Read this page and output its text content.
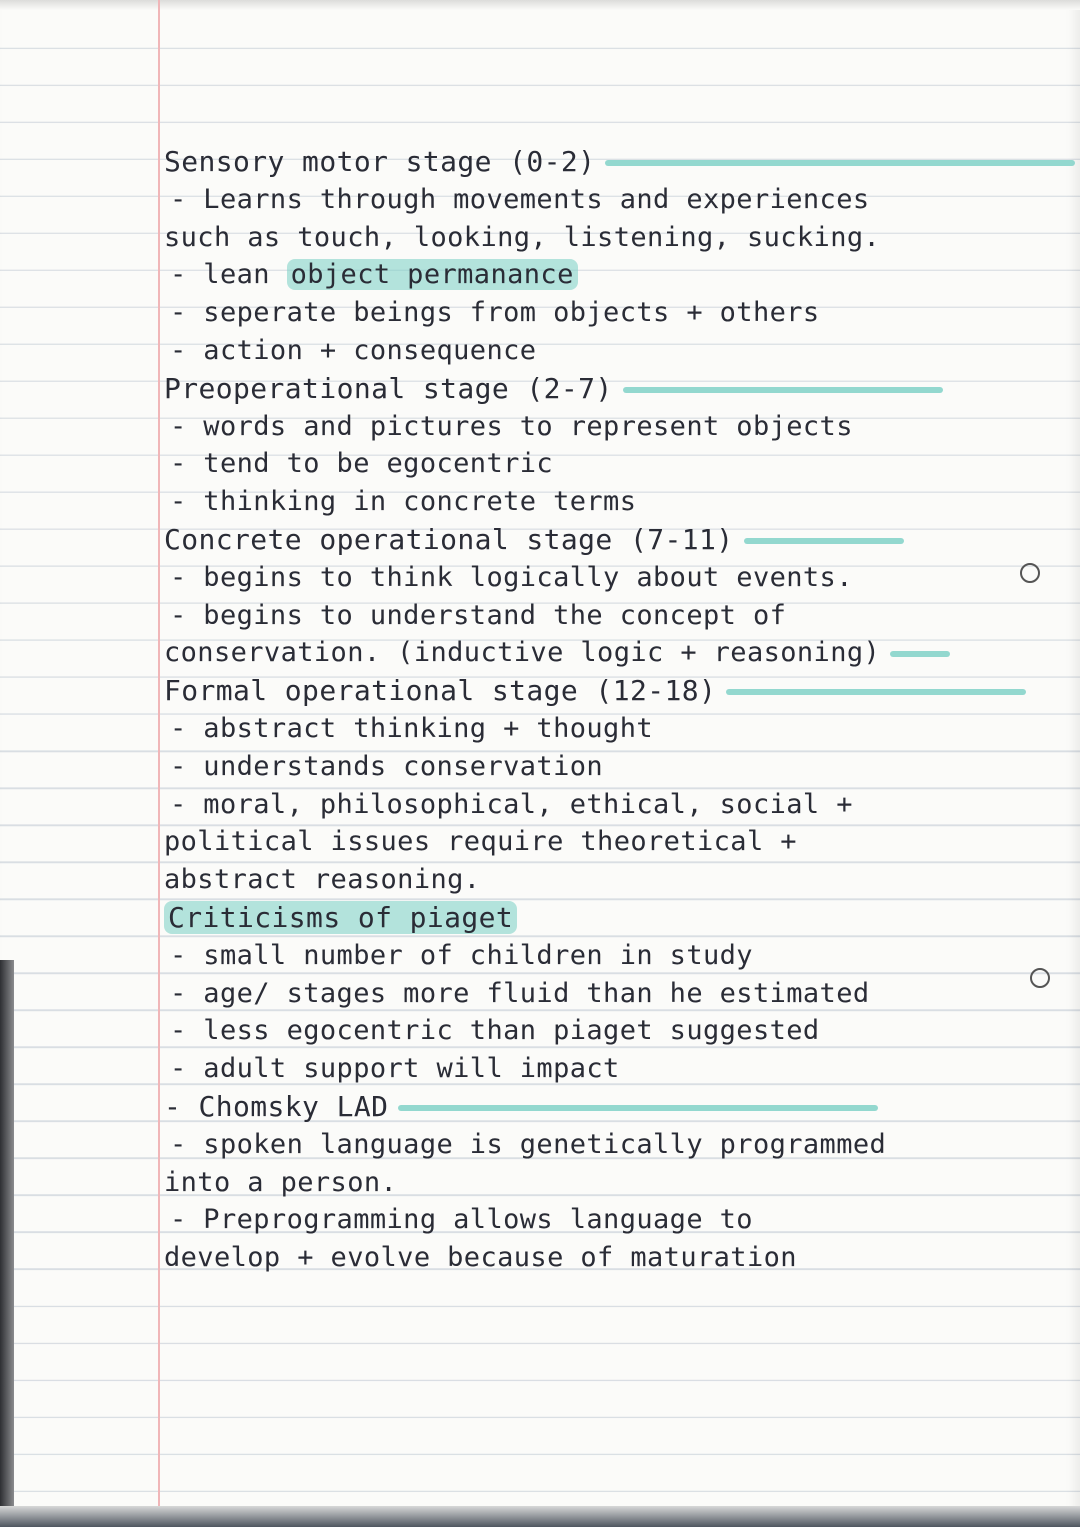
Sensory motor stage (0-2)
- Learns through movements and experiences
such as touch, looking, listening, sucking.
- lean object permanance
- seperate beings from objects + others
- action + consequence
Preoperational stage (2-7)
- words and pictures to represent objects
- tend to be egocentric
- thinking in concrete terms
Concrete operational stage (7-11)
- begins to think logically about events.
- begins to understand the concept of
conservation. (inductive logic + reasoning)
Formal operational stage (12-18)
- abstract thinking + thought
- understands conservation
- moral, philosophical, ethical, social +
political issues require theoretical +
abstract reasoning.
Criticisms of piaget
- small number of children in study
- age/ stages more fluid than he estimated
- less egocentric than piaget suggested
- adult support will impact
- Chomsky LAD
- spoken language is genetically programmed
into a person.
- Preprogramming allows language to
develop + evolve because of maturation
